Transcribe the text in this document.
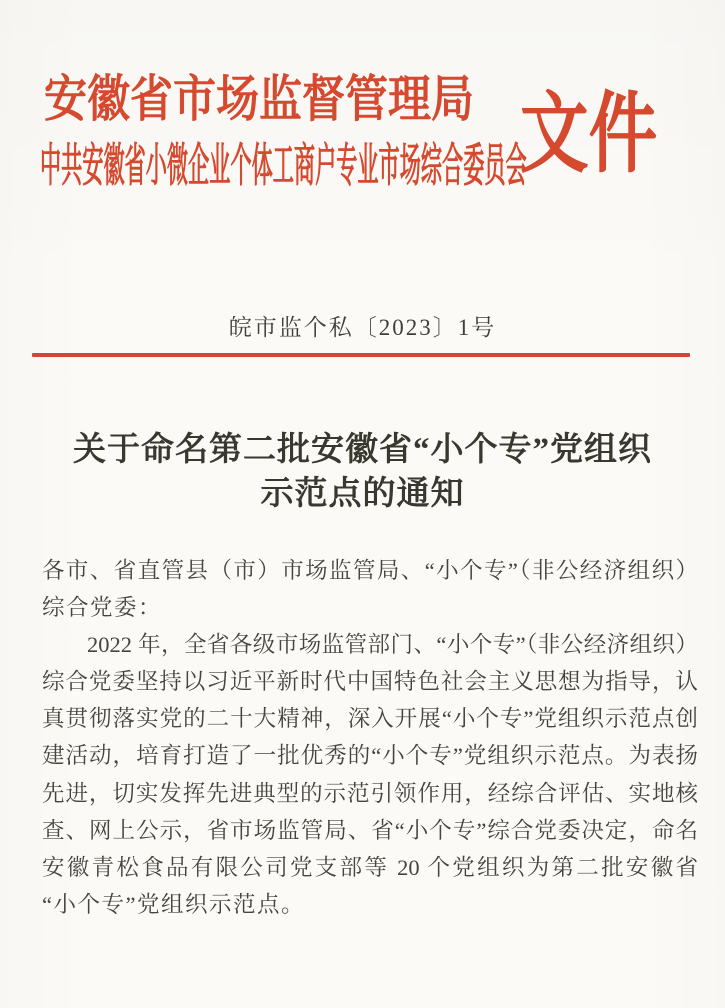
安徽省市场监督管理局
中共安徽省小微企业个体工商户专业市场综合委员会
文件
皖市监个私〔2023〕1号
关于命名第二批安徽省“小个专”党组织
示范点的通知
各市、省直管县（市）市场监管局、“小个专”（非公经济组织）
综合党委：
2022 年，全省各级市场监管部门、“小个专”（非公经济组织）
综合党委坚持以习近平新时代中国特色社会主义思想为指导，认
真贯彻落实党的二十大精神，深入开展“小个专”党组织示范点创
建活动，培育打造了一批优秀的“小个专”党组织示范点。为表扬
先进，切实发挥先进典型的示范引领作用，经综合评估、实地核
查、网上公示，省市场监管局、省“小个专”综合党委决定，命名
安徽青松食品有限公司党支部等 20 个党组织为第二批安徽省
“小个专”党组织示范点。
